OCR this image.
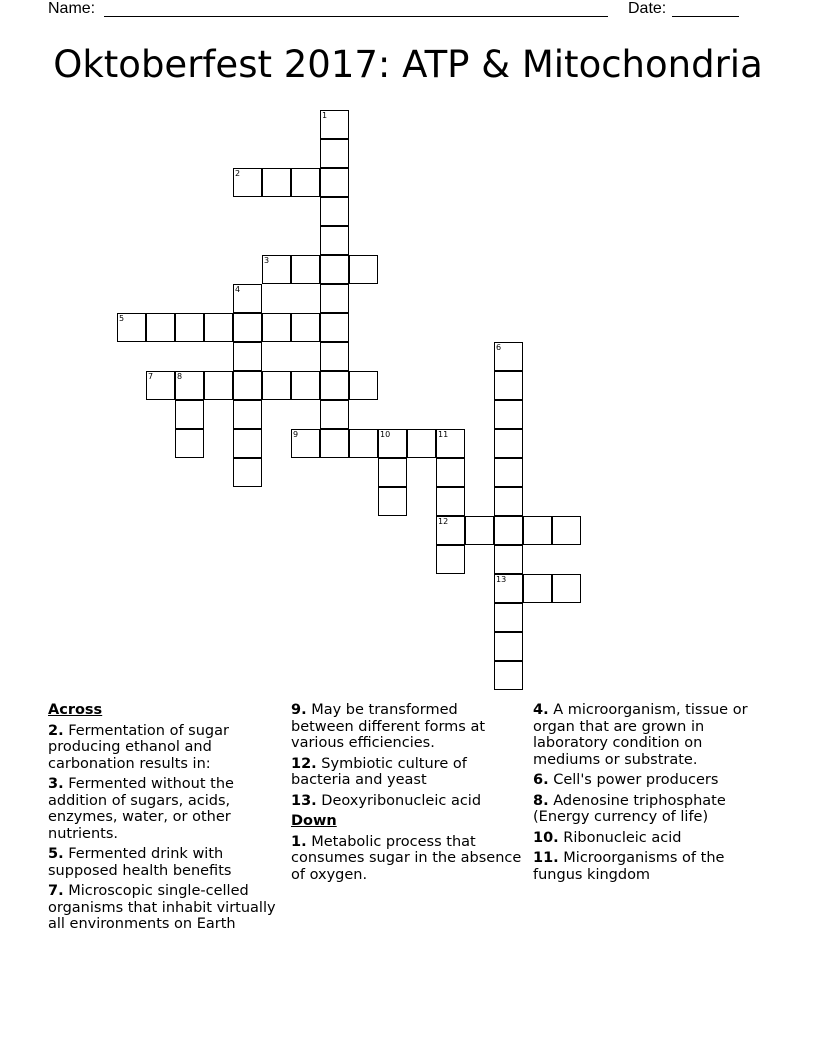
Name:	Date:
Oktoberfest 2017: ATP & Mitochondria
1
2
3
4
5
6
7	8
9	10	11
12
13
Across
2. Fermentation of sugar producing ethanol and carbonation results in:
3. Fermented without the addition of sugars, acids, enzymes, water, or other nutrients.
5. Fermented drink with supposed health benefits
7. Microscopic single-celled organisms that inhabit virtually all environments on Earth
9. May be transformed between different forms at various efficiencies.
12. Symbiotic culture of bacteria and yeast
13. Deoxyribonucleic acid
Down
1. Metabolic process that consumes sugar in the absence of oxygen.
4. A microorganism, tissue or organ that are grown in laboratory condition on mediums or substrate.
6. Cell's power producers
8. Adenosine triphosphate (Energy currency of life)
10. Ribonucleic acid
11. Microorganisms of the fungus kingdom
